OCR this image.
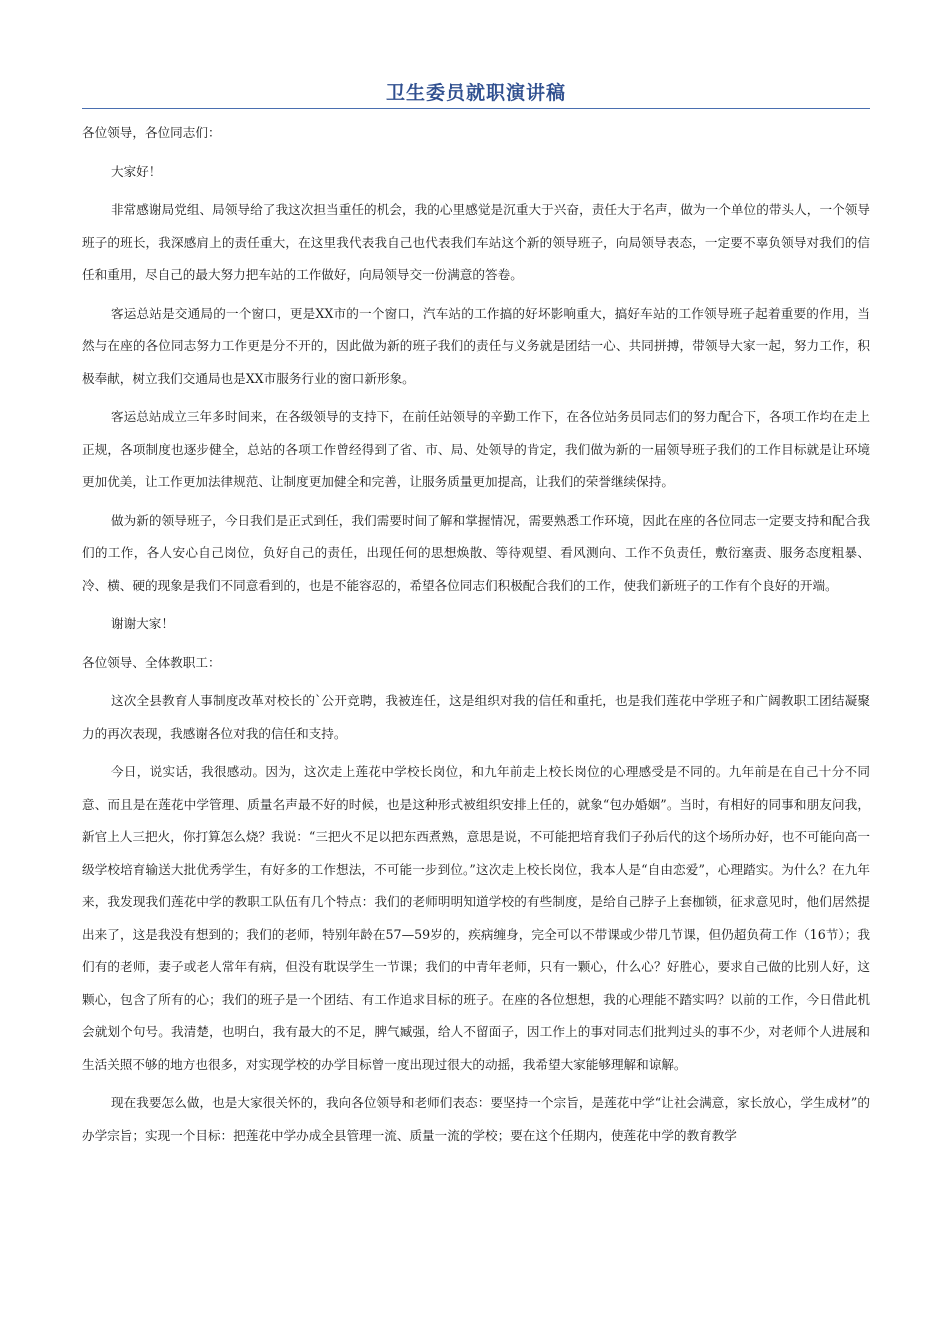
卫生委员就职演讲稿

各位领导，各位同志们：

大家好！

非常感谢局党组、局领导给了我这次担当重任的机会，我的心里感觉是沉重大于兴奋，责任大于名声，做为一个单位的带头人，一个领导班子的班长，我深感肩上的责任重大，在这里我代表我自己也代表我们车站这个新的领导班子，向局领导表态，一定要不辜负领导对我们的信任和重用，尽自己的最大努力把车站的工作做好，向局领导交一份满意的答卷。

客运总站是交通局的一个窗口，更是XX市的一个窗口，汽车站的工作搞的好坏影响重大，搞好车站的工作领导班子起着重要的作用，当然与在座的各位同志努力工作更是分不开的，因此做为新的班子我们的责任与义务就是团结一心、共同拼搏，带领导大家一起，努力工作，积极奉献，树立我们交通局也是XX市服务行业的窗口新形象。

客运总站成立三年多时间来，在各级领导的支持下，在前任站领导的辛勤工作下，在各位站务员同志们的努力配合下，各项工作均在走上正规，各项制度也逐步健全，总站的各项工作曾经得到了省、市、局、处领导的肯定，我们做为新的一届领导班子我们的工作目标就是让环境更加优美，让工作更加法律规范、让制度更加健全和完善，让服务质量更加提高，让我们的荣誉继续保持。

做为新的领导班子，今日我们是正式到任，我们需要时间了解和掌握情况，需要熟悉工作环境，因此在座的各位同志一定要支持和配合我们的工作，各人安心自己岗位，负好自己的责任，出现任何的思想焕散、等待观望、看风测向、工作不负责任，敷衍塞责、服务态度粗暴、冷、横、硬的现象是我们不同意看到的，也是不能容忍的，希望各位同志们积极配合我们的工作，使我们新班子的工作有个良好的开端。

谢谢大家！

各位领导、全体教职工：

这次全县教育人事制度改革对校长的`公开竞聘，我被连任，这是组织对我的信任和重托，也是我们莲花中学班子和广阔教职工团结凝聚力的再次表现，我感谢各位对我的信任和支持。

今日，说实话，我很感动。因为，这次走上莲花中学校长岗位，和九年前走上校长岗位的心理感受是不同的。九年前是在自己十分不同意、而且是在莲花中学管理、质量名声最不好的时候，也是这种形式被组织安排上任的，就象“包办婚姻”。当时，有相好的同事和朋友问我，新官上人三把火，你打算怎么烧？我说：“三把火不足以把东西煮熟，意思是说，不可能把培育我们子孙后代的这个场所办好，也不可能向高一级学校培育输送大批优秀学生，有好多的工作想法，不可能一步到位。”这次走上校长岗位，我本人是“自由恋爱”，心理踏实。为什么？在九年来，我发现我们莲花中学的教职工队伍有几个特点：我们的老师明明知道学校的有些制度，是给自己脖子上套枷锁，征求意见时，他们居然提出来了，这是我没有想到的；我们的老师，特别年龄在57—59岁的，疾病缠身，完全可以不带课或少带几节课，但仍超负荷工作（16节）；我们有的老师，妻子或老人常年有病，但没有耽误学生一节课；我们的中青年老师，只有一颗心，什么心？好胜心，要求自己做的比别人好，这颗心，包含了所有的心；我们的班子是一个团结、有工作追求目标的班子。在座的各位想想，我的心理能不踏实吗？以前的工作，今日借此机会就划个句号。我清楚，也明白，我有最大的不足，脾气臧强，给人不留面子，因工作上的事对同志们批判过头的事不少，对老师个人进展和生活关照不够的地方也很多，对实现学校的办学目标曾一度出现过很大的动摇，我希望大家能够理解和谅解。

现在我要怎么做，也是大家很关怀的，我向各位领导和老师们表态：要坚持一个宗旨，是莲花中学“让社会满意，家长放心，学生成材”的办学宗旨；实现一个目标：把莲花中学办成全县管理一流、质量一流的学校；要在这个任期内，使莲花中学的教育教学
